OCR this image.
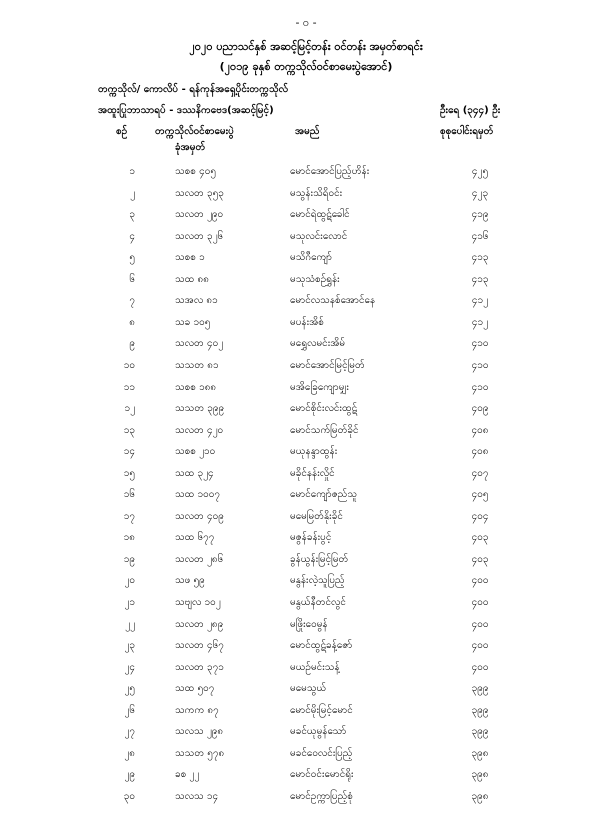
- ၀ -
၂၀၂၀ ပညာသင်နှစ် အဆင့်မြင့်တန်း ဝင်တန်း အမှတ်စာရင်း
(၂၀၁၉ ခုနှစ် တက္ကသိုလ်ဝင်စာမေးပွဲအောင်)
တက္ကသိုလ်/ ကောလိပ် - ရန်ကုန်အရှေ့ပိုင်းတက္ကသိုလ်
အထူးပြုဘာသာရပ် - ဒဿနိကဗေဒ(အဆင့်မြင့်)	ဦးရေ (၃၄၄) ဦး
စဉ်	တက္ကသိုလ်ဝင်စာမေးပွဲ
ခုံအမှတ်
အမည်	စုစုပေါင်းရမှတ်
၁	သစစ ၄၀၅	မောင်အောင်ပြည့်ဟိန်း	၄၂၅
၂	သလတ ၃၅၃	မသွန်းသိရိဝင်း	၄၂၃
၃	သလတ ၂၉၀	မောင်ရဲထွဋ်ခေါင်	၄၁၉
၄	သလတ ၃၂၆	မသုလင်းလောင်	၄၁၆
၅	သစစ ၁	မသိဂီကျော်	၄၁၃
၆	သထ ၈၈	မသုသံစဉ်ရွှန်း	၄၁၃
၇	သအလ ၈၁	မောင်လသနစ်အောင်နေ	၄၁၂
၈	သခ ၁၀၅	မပန်းအိစ်	၄၁၂
၉	သလတ ၄၀၂	မရွှေလမင်းအိမ်	၄၁၀
၁၀	သသတ ၈၁	မောင်အောင်မြင့်မြတ်	၄၁၀
၁၁	သစစ ၁၈၈	မအိခြေကျောမျှး	၄၁၀
၁၂	သသတ ၃၉၉	မောင်စိုင်းလင်းထွဋ်	၄၀၉
၁၃	သလတ ၄၂၀	မောင်သက်မြတ်ခိုင်	၄၀၈
၁၄	သစစ ၂၁၀	မယုနန္ဒာထွန်း	၄၀၈
၁၅	သထ ၃၂၄	မခိုင်နန်းလှိုင်	၄၀၇
၁၆	သထ ၁၀၀၇	မောင်ကျော်ဇည်သူ	၄၀၅
၁၇	သလတ ၄၀၉	မမေမြတ်နိုးခိုင်	၄၀၄
၁၈	သထ ၆၇၇	မဇွန်ခန်းပွင့်	၄၀၃
၁၉	သလတ ၂၈၆	ခွန်ယွန်းမြင့်မြတ်	၄၀၃
၂၀	သဖ ၅၉	မနွန်းလဲ့သူပြည့်	၄၀၀
၂၁	သဗျလ ၁၀၂	မနွယ်နီတင်လွင်	၄၀၀
၂၂	သလတ ၂၈၉	မဖြိုးဝေမွန်	၄၀၀
၂၃	သလတ ၄၆၇	မောင်ထွဋ်ခန့်ဇော်	၄၀၀
၂၄	သလတ ၃၇၁	မယဉ်မင်းသန့်	၄၀၀
၂၅	သထ ၅၀၇	မမေသွယ်	၃၉၉
၂၆	သကက ၈၇	မောင်မိုးမြင့်မောင်	၃၉၉
၂၇	သလသ ၂၉၈	မခင်ယုမွန်သော်	၃၉၉
၂၈	သသတ ၅၇၈	မခင်ဝေလင်းပြည့်	၃၉၈
၂၉	ခစ ၂၂	မောင်ဝင်းမောင်ရိုး	၃၉၈
၃၀	သလသ ၁၄	မောင်ဥက္ကာပြည့်စုံ	၃၉၈
